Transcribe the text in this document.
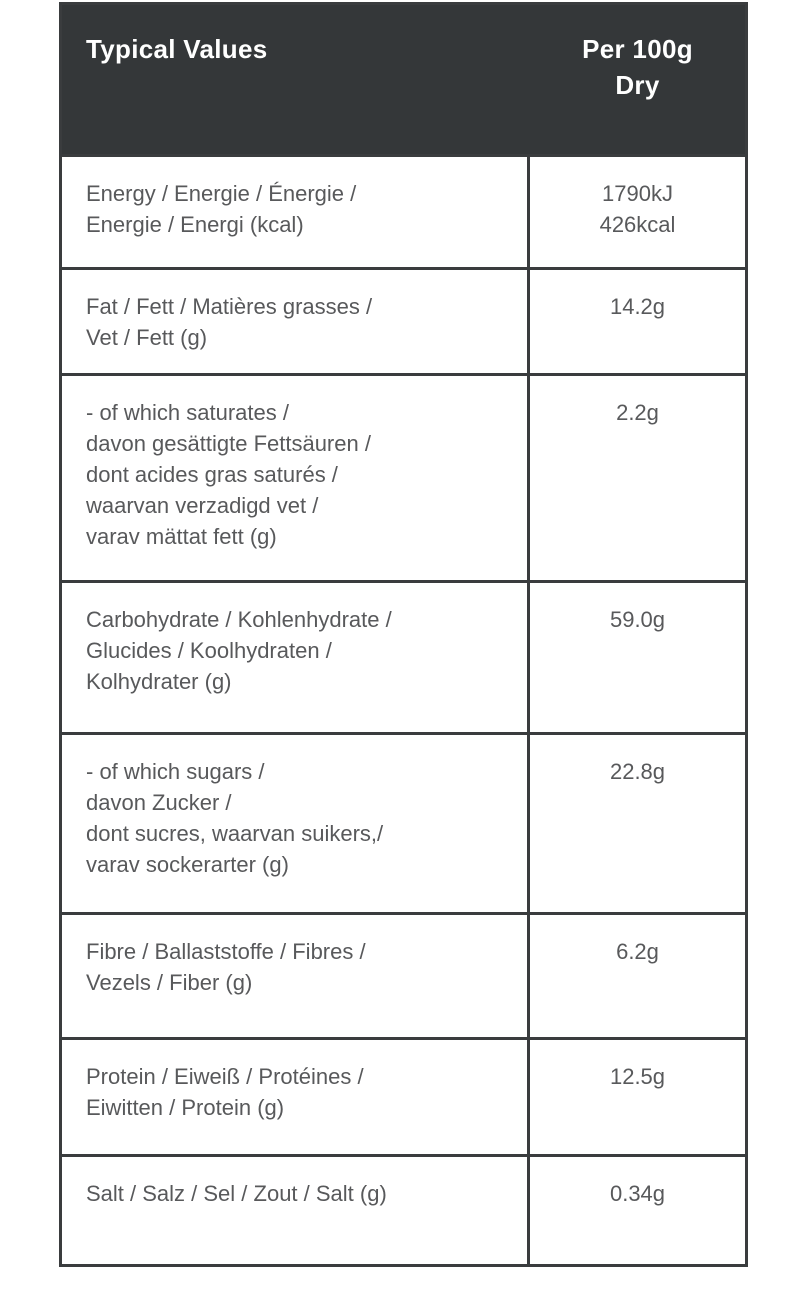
Typical Values	Per 100g
Dry
Energy / Energie / Énergie /
Energie / Energi (kcal)
1790kJ
426kcal
Fat / Fett / Matières grasses /
Vet / Fett (g)
14.2g
- of which saturates /
davon gesättigte Fettsäuren /
dont acides gras saturés /
waarvan verzadigd vet /
varav mättat fett (g)
2.2g
Carbohydrate / Kohlenhydrate /
Glucides / Koolhydraten /
Kolhydrater (g)
59.0g
- of which sugars /
davon Zucker /
dont sucres, waarvan suikers,/
varav sockerarter (g)
22.8g
Fibre / Ballaststoffe / Fibres /
Vezels / Fiber (g)
6.2g
Protein / Eiweiß / Protéines /
Eiwitten / Protein (g)
12.5g
Salt / Salz / Sel / Zout / Salt (g)	0.34g
